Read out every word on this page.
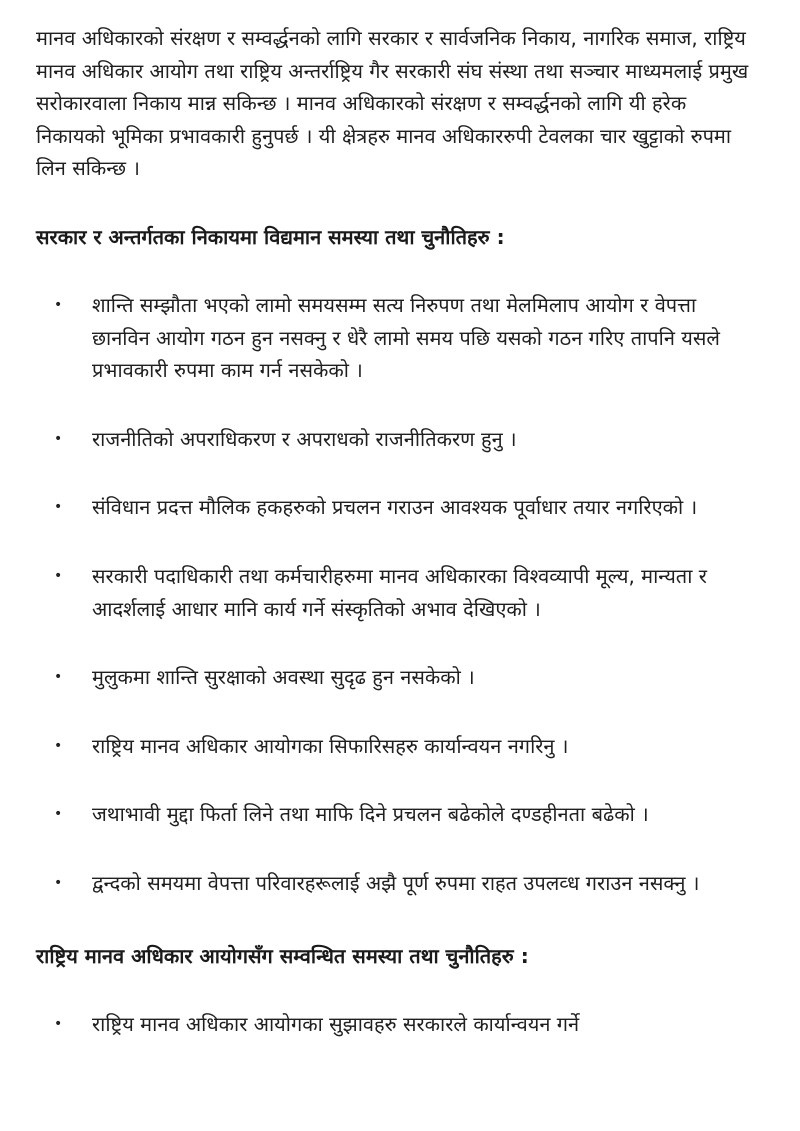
मानव अधिकारको संरक्षण र सम्वर्द्धनको लागि सरकार र सार्वजनिक निकाय, नागरिक समाज, राष्ट्रिय मानव अधिकार आयोग तथा राष्ट्रिय अन्तर्राष्ट्रिय गैर सरकारी संघ संस्था तथा सञ्चार माध्यमलाई प्रमुख सरोकारवाला निकाय मान्न सकिन्छ । मानव अधिकारको संरक्षण र सम्वर्द्धनको लागि यी हरेक निकायको भूमिका प्रभावकारी हुनुपर्छ । यी क्षेत्रहरु मानव अधिकाररुपी टेवलका चार खुट्टाको रुपमा लिन सकिन्छ ।

सरकार र अन्तर्गतका निकायमा विद्यमान समस्या तथा चुनौतिहरु :
• शान्ति सम्झौता भएको लामो समयसम्म सत्य निरुपण तथा मेलमिलाप आयोग र वेपत्ता छानविन आयोग गठन हुन नसक्नु र धेरै लामो समय पछि यसको गठन गरिए तापनि यसले प्रभावकारी रुपमा काम गर्न नसकेको ।
• राजनीतिको अपराधिकरण र अपराधको राजनीतिकरण हुनु ।
• संविधान प्रदत्त मौलिक हकहरुको प्रचलन गराउन आवश्यक पूर्वाधार तयार नगरिएको ।
• सरकारी पदाधिकारी तथा कर्मचारीहरुमा मानव अधिकारका विश्वव्यापी मूल्य, मान्यता र आदर्शलाई आधार मानि कार्य गर्ने संस्कृतिको अभाव देखिएको ।
• मुलुकमा शान्ति सुरक्षाको अवस्था सुदृढ हुन नसकेको ।
• राष्ट्रिय मानव अधिकार आयोगका सिफारिसहरु कार्यान्वयन नगरिनु ।
• जथाभावी मुद्दा फिर्ता लिने तथा माफि दिने प्रचलन बढेकोले दण्डहीनता बढेको ।
• द्वन्दको समयमा वेपत्ता परिवारहरूलाई अझै पूर्ण रुपमा राहत उपलव्ध गराउन नसक्नु ।
राष्ट्रिय मानव अधिकार आयोगसँग सम्वन्धित समस्या तथा चुनौतिहरु :
• राष्ट्रिय मानव अधिकार आयोगका सुझावहरु सरकारले कार्यान्वयन गर्ने
